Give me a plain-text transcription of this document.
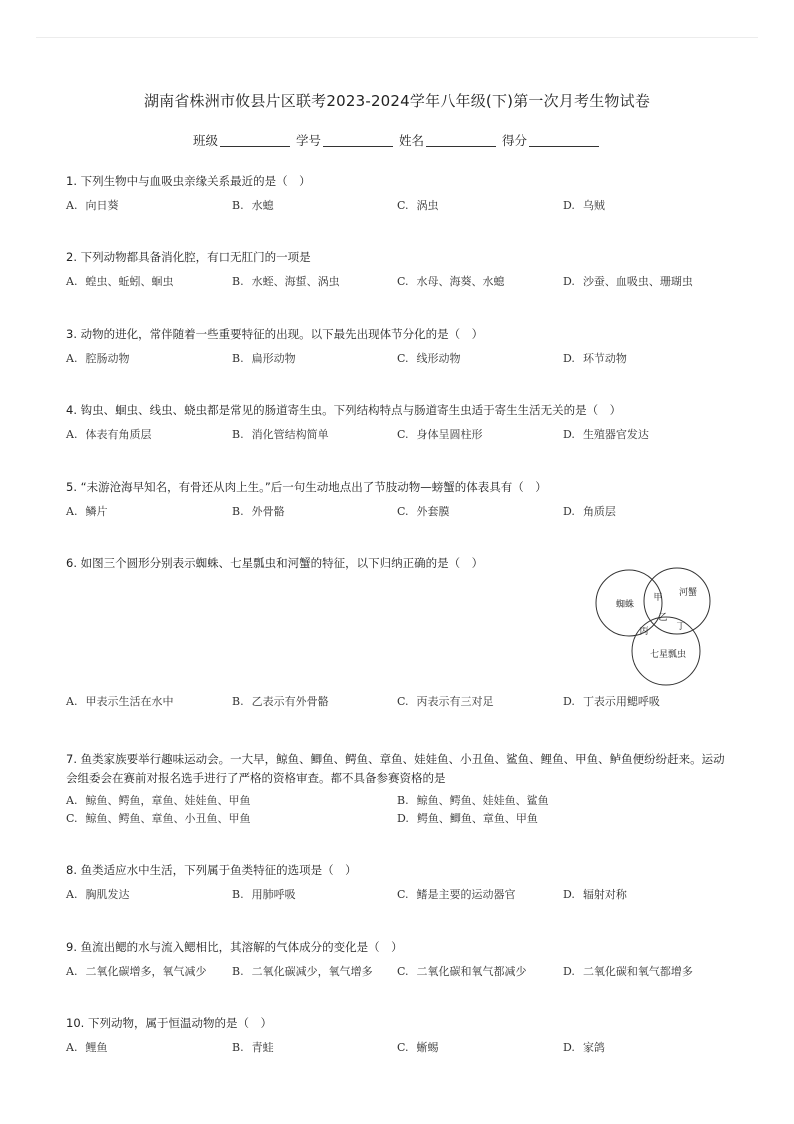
湖南省株洲市攸县片区联考2023-2024学年八年级(下)第一次月考生物试卷
班级	学号	姓名	得分
1. 下列生物中与血吸虫亲缘关系最近的是（　）
A. 向日葵	B. 水螅	C. 涡虫	D. 乌贼
2. 下列动物都具备消化腔，有口无肛门的一项是
A. 蝗虫、蚯蚓、蛔虫	B. 水蛭、海蜇、涡虫	C. 水母、海葵、水螅	D. 沙蚕、血吸虫、珊瑚虫
3. 动物的进化，常伴随着一些重要特征的出现。以下最先出现体节分化的是（　）
A. 腔肠动物	B. 扁形动物	C. 线形动物	D. 环节动物
4. 钩虫、蛔虫、线虫、蛲虫都是常见的肠道寄生虫。下列结构特点与肠道寄生虫适于寄生生活无关的是（　）
A. 体表有角质层	B. 消化管结构简单	C. 身体呈圆柱形	D. 生殖器官发达
5. “未游沧海早知名，有骨还从肉上生。”后一句生动地点出了节肢动物—螃蟹的体表具有（　）
A. 鳞片	B. 外骨骼	C. 外套膜	D. 角质层
6. 如图三个圆形分别表示蜘蛛、七星瓢虫和河蟹的特征，以下归纳正确的是（　）
蜘蛛
河蟹
七星瓢虫
甲
乙
丙	丁
A. 甲表示生活在水中	B. 乙表示有外骨骼	C. 丙表示有三对足	D. 丁表示用鳃呼吸
7. 鱼类家族要举行趣味运动会。一大早，鲸鱼、鲫鱼、鳄鱼、章鱼、娃娃鱼、小丑鱼、鲨鱼、鲤鱼、甲鱼、鲈鱼便纷纷赶来。运动会组委会在赛前对报名选手进行了严格的资格审查。都不具备参赛资格的是
A. 鲸鱼、鳄鱼，章鱼、娃娃鱼、甲鱼	B. 鲸鱼、鳄鱼、娃娃鱼、鲨鱼
C. 鲸鱼、鳄鱼、章鱼、小丑鱼、甲鱼	D. 鳄鱼、鲫鱼、章鱼、甲鱼
8. 鱼类适应水中生活，下列属于鱼类特征的选项是（　）
A. 胸肌发达	B. 用肺呼吸	C. 鳍是主要的运动器官	D. 辐射对称
9. 鱼流出鳃的水与流入鳃相比，其溶解的气体成分的变化是（　）
A. 二氧化碳增多，氧气减少 B. 二氧化碳减少，氧气增多 C. 二氧化碳和氧气都减少	D. 二氧化碳和氧气都增多
10. 下列动物，属于恒温动物的是（　）
A. 鲤鱼	B. 青蛙	C. 蜥蜴	D. 家鸽
